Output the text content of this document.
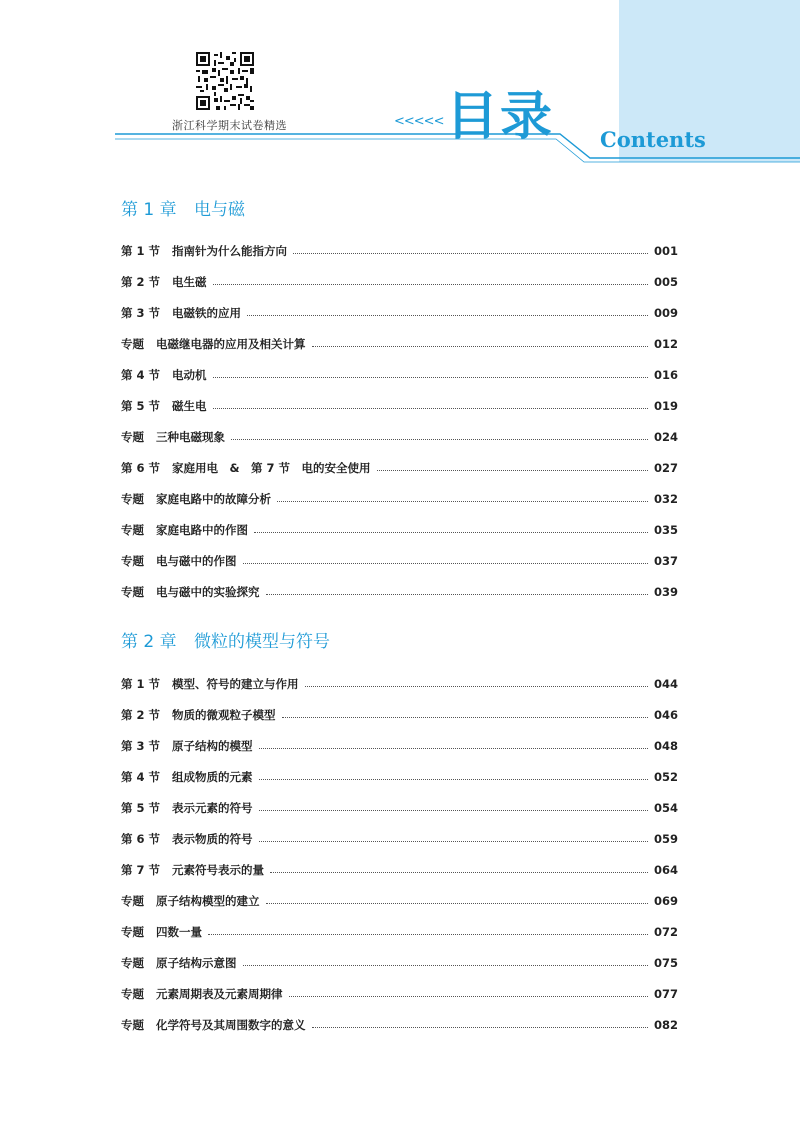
浙江科学期末试卷精选	<<<<< 目录 Contents
第 1 章 电与磁
第 1 节 指南针为什么能指方向	001
第 2 节 电生磁	005
第 3 节 电磁铁的应用	009
专题 电磁继电器的应用及相关计算	012
第 4 节 电动机	016
第 5 节 磁生电	019
专题 三种电磁现象	024
第 6 节 家庭用电　&　第 7 节　电的安全使用	027
专题 家庭电路中的故障分析	032
专题 家庭电路中的作图	035
专题 电与磁中的作图	037
专题 电与磁中的实验探究	039
第 2 章 微粒的模型与符号
第 1 节 模型、符号的建立与作用	044
第 2 节 物质的微观粒子模型	046
第 3 节 原子结构的模型	048
第 4 节 组成物质的元素	052
第 5 节 表示元素的符号	054
第 6 节 表示物质的符号	059
第 7 节 元素符号表示的量	064
专题 原子结构模型的建立	069
专题 四数一量	072
专题 原子结构示意图	075
专题 元素周期表及元素周期律	077
专题 化学符号及其周围数字的意义	082
